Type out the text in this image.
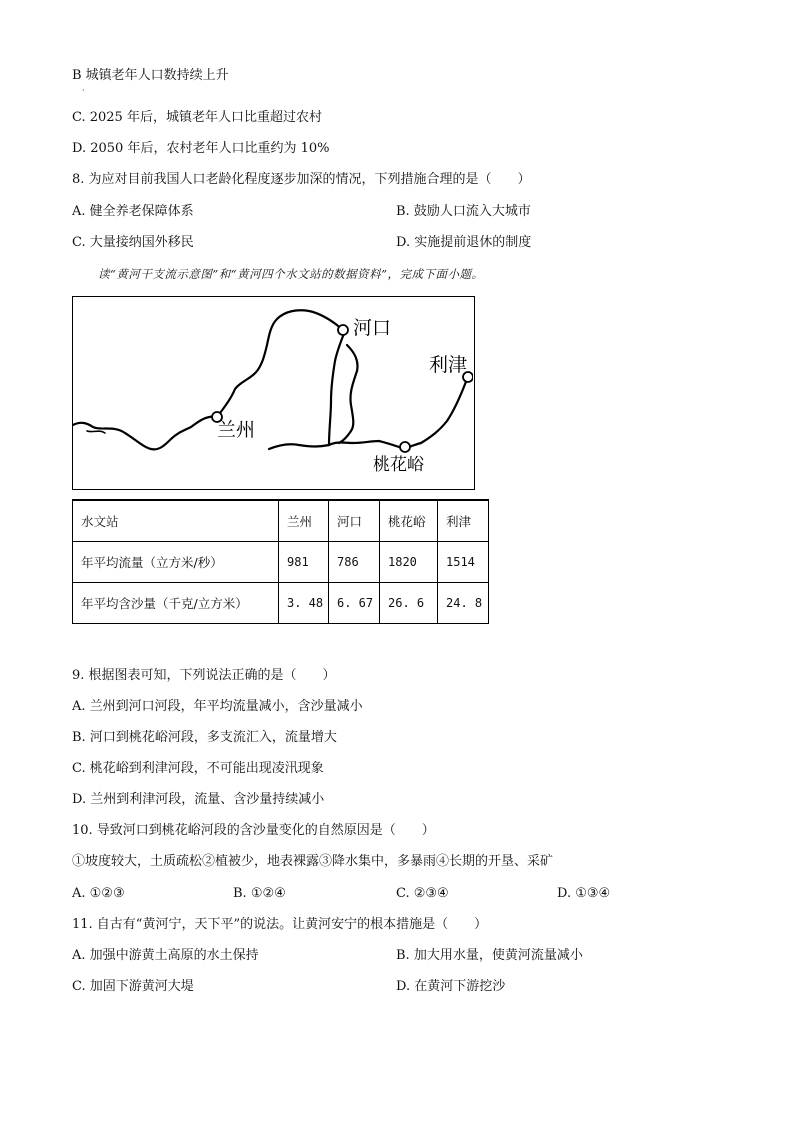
B 城镇老年人口数持续上升
·
C. 2025 年后，城镇老年人口比重超过农村
D. 2050 年后，农村老年人口比重约为 10%
8. 为应对目前我国人口老龄化程度逐步加深的情况，下列措施合理的是（　　）
A. 健全养老保障体系	B. 鼓励人口流入大城市
C. 大量接纳国外移民	D. 实施提前退休的制度
读“黄河干支流示意图”和“黄河四个水文站的数据资料”，完成下面小题。
河口
利津
兰州
桃花峪
水文站	兰州	河口	桃花峪	利津
年平均流量（立方米/秒）	981	786	1820	1514
年平均含沙量（千克/立方米）	3. 48	6. 67	26. 6	24. 8
9. 根据图表可知，下列说法正确的是（　　）
A. 兰州到河口河段，年平均流量减小，含沙量减小
B. 河口到桃花峪河段，多支流汇入，流量增大
C. 桃花峪到利津河段，不可能出现凌汛现象
D. 兰州到利津河段，流量、含沙量持续减小
10. 导致河口到桃花峪河段的含沙量变化的自然原因是（　　）
①坡度较大，土质疏松②植被少，地表裸露③降水集中，多暴雨④长期的开垦、采矿
A. ①②③	B. ①②④	C. ②③④	D. ①③④
11. 自古有“黄河宁，天下平”的说法。让黄河安宁的根本措施是（　　）
A. 加强中游黄土高原的水土保持	B. 加大用水量，使黄河流量减小
C. 加固下游黄河大堤	D. 在黄河下游挖沙
